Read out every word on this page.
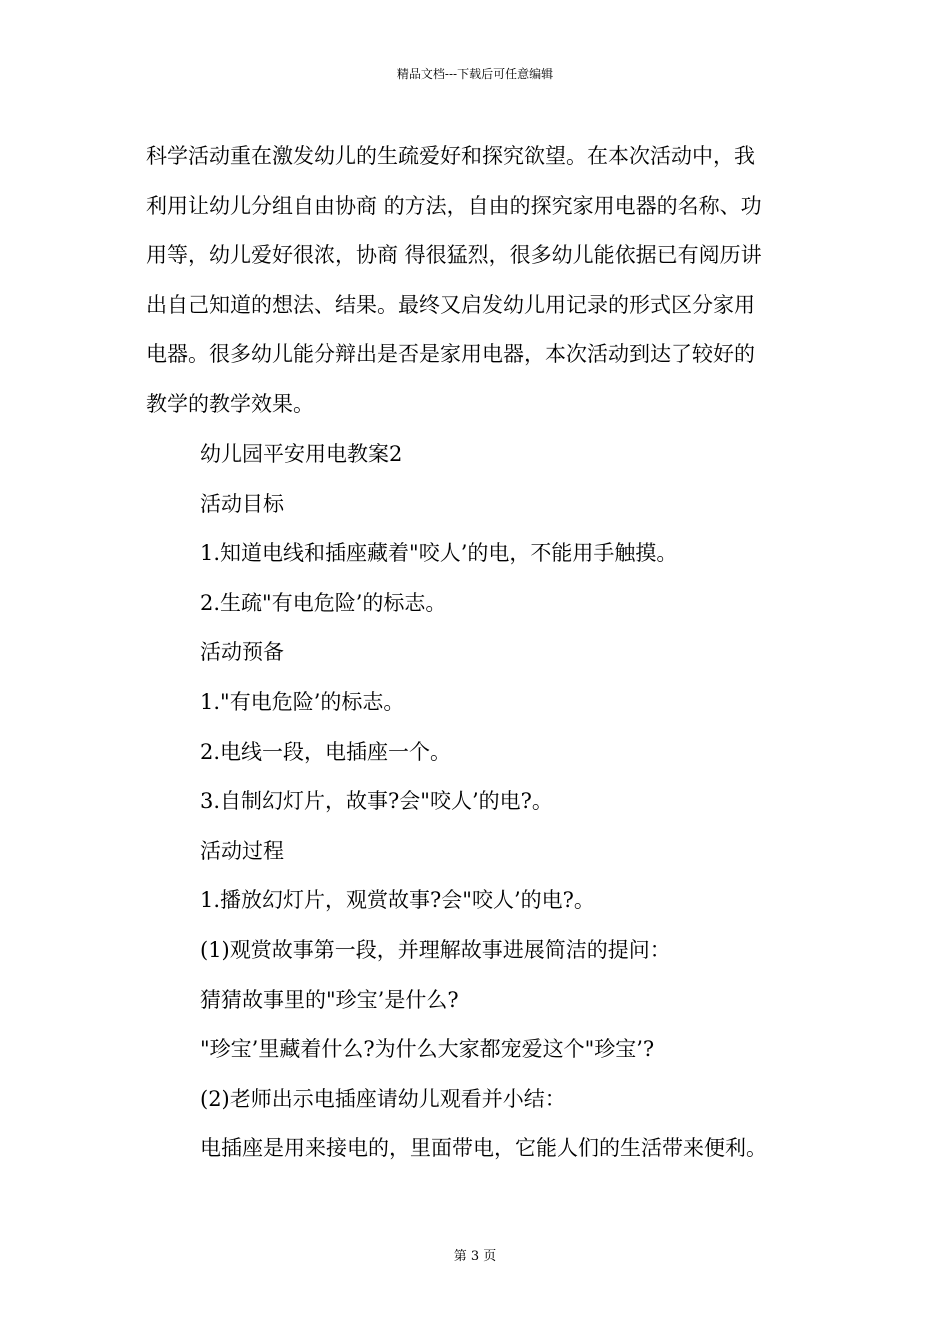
精品文档---下载后可任意编辑
科学活动重在激发幼儿的生疏爱好和探究欲望。在本次活动中，我
利用让幼儿分组自由协商 的方法，自由的探究家用电器的名称、功
用等，幼儿爱好很浓，协商 得很猛烈，很多幼儿能依据已有阅历讲
出自己知道的想法、结果。最终又启发幼儿用记录的形式区分家用
电器。很多幼儿能分辩出是否是家用电器，本次活动到达了较好的
教学的教学效果。
幼儿园平安用电教案2
活动目标
1.知道电线和插座藏着"咬人’的电，不能用手触摸。
2.生疏"有电危险’的标志。
活动预备
1."有电危险’的标志。
2.电线一段，电插座一个。
3.自制幻灯片，故事?会"咬人’的电?。
活动过程
1.播放幻灯片，观赏故事?会"咬人’的电?。
(1)观赏故事第一段，并理解故事进展简洁的提问：
猜猜故事里的"珍宝’是什么?
"珍宝’里藏着什么?为什么大家都宠爱这个"珍宝’?
(2)老师出示电插座请幼儿观看并小结：
电插座是用来接电的，里面带电，它能人们的生活带来便利。
第 3 页
